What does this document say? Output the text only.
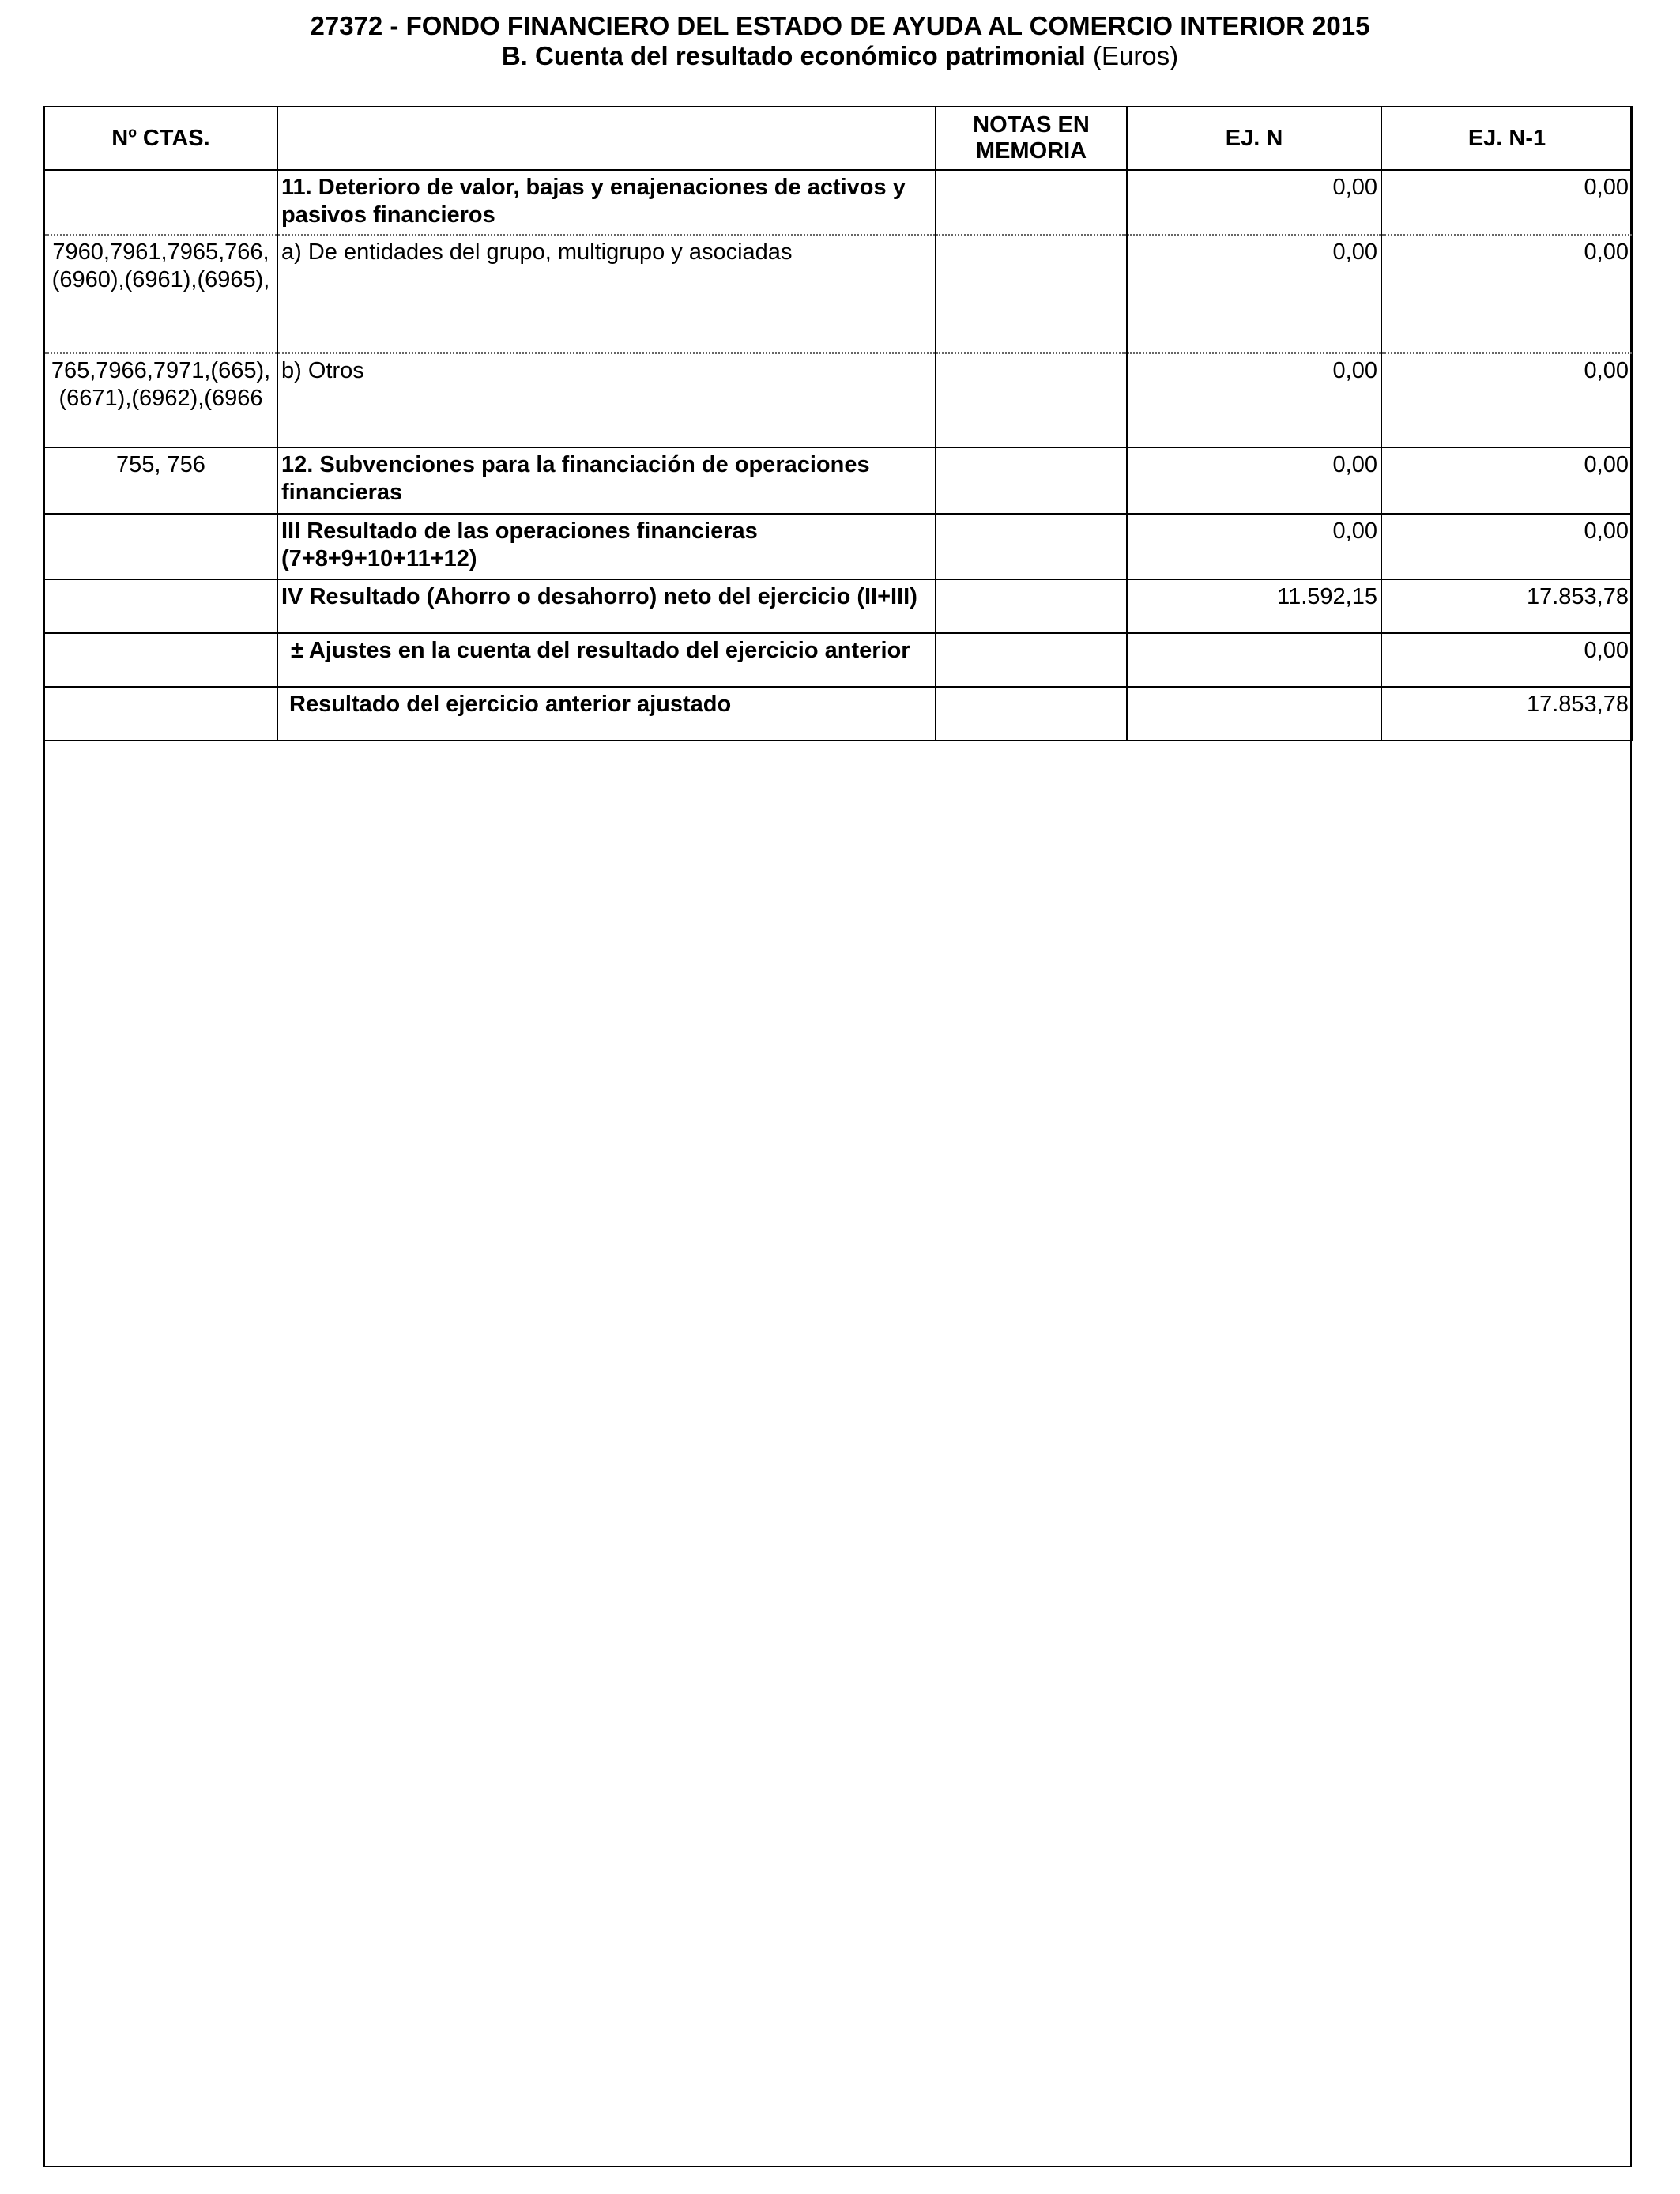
27372 - FONDO FINANCIERO DEL ESTADO DE AYUDA AL COMERCIO INTERIOR 2015
B. Cuenta del resultado económico patrimonial (Euros)
Nº CTAS.		NOTAS EN MEMORIA	EJ. N	EJ. N-1
	11. Deterioro de valor, bajas y enajenaciones de activos y pasivos financieros		0,00	0,00
7960,7961,7965,766,(6960),(6961),(6965),	a) De entidades del grupo, multigrupo y asociadas		0,00	0,00
765,7966,7971,(665),(6671),(6962),(6966	b) Otros		0,00	0,00
755, 756	12. Subvenciones para la financiación de operaciones financieras		0,00	0,00
	III Resultado de las operaciones financieras (7+8+9+10+11+12)		0,00	0,00

	IV Resultado (Ahorro o desahorro) neto del ejercicio (II+III)		11.592,15	17.853,78

	± Ajustes en la cuenta del resultado del ejercicio anterior			0,00
	Resultado del ejercicio anterior ajustado			17.853,78
